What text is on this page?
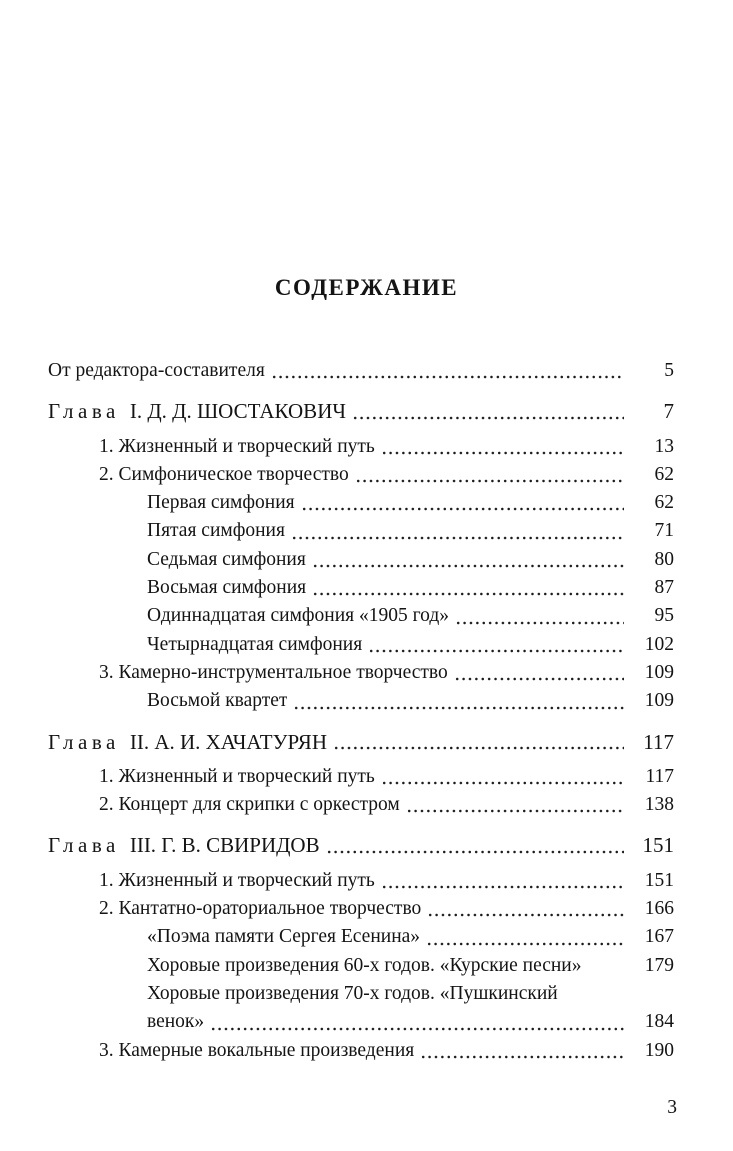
СОДЕРЖАНИЕ
От редактора-составителя	5
Глава I. Д. Д. ШОСТАКОВИЧ	7
1. Жизненный и творческий путь	13
2. Симфоническое творчество	62
Первая симфония	62
Пятая симфония	71
Седьмая симфония	80
Восьмая симфония	87
Одиннадцатая симфония «1905 год»	95
Четырнадцатая симфония	102
3. Камерно-инструментальное творчество	109
Восьмой квартет	109
Глава II. А. И. ХАЧАТУРЯН	117
1. Жизненный и творческий путь	117
2. Концерт для скрипки с оркестром	138
Глава III. Г. В. СВИРИДОВ	151
1. Жизненный и творческий путь	151
2. Кантатно-ораториальное творчество	166
«Поэма памяти Сергея Есенина»	167
Хоровые произведения 60-х годов. «Курские песни»	179
Хоровые произведения 70-х годов. «Пушкинский
венок»	184
3. Камерные вокальные произведения	190
3
